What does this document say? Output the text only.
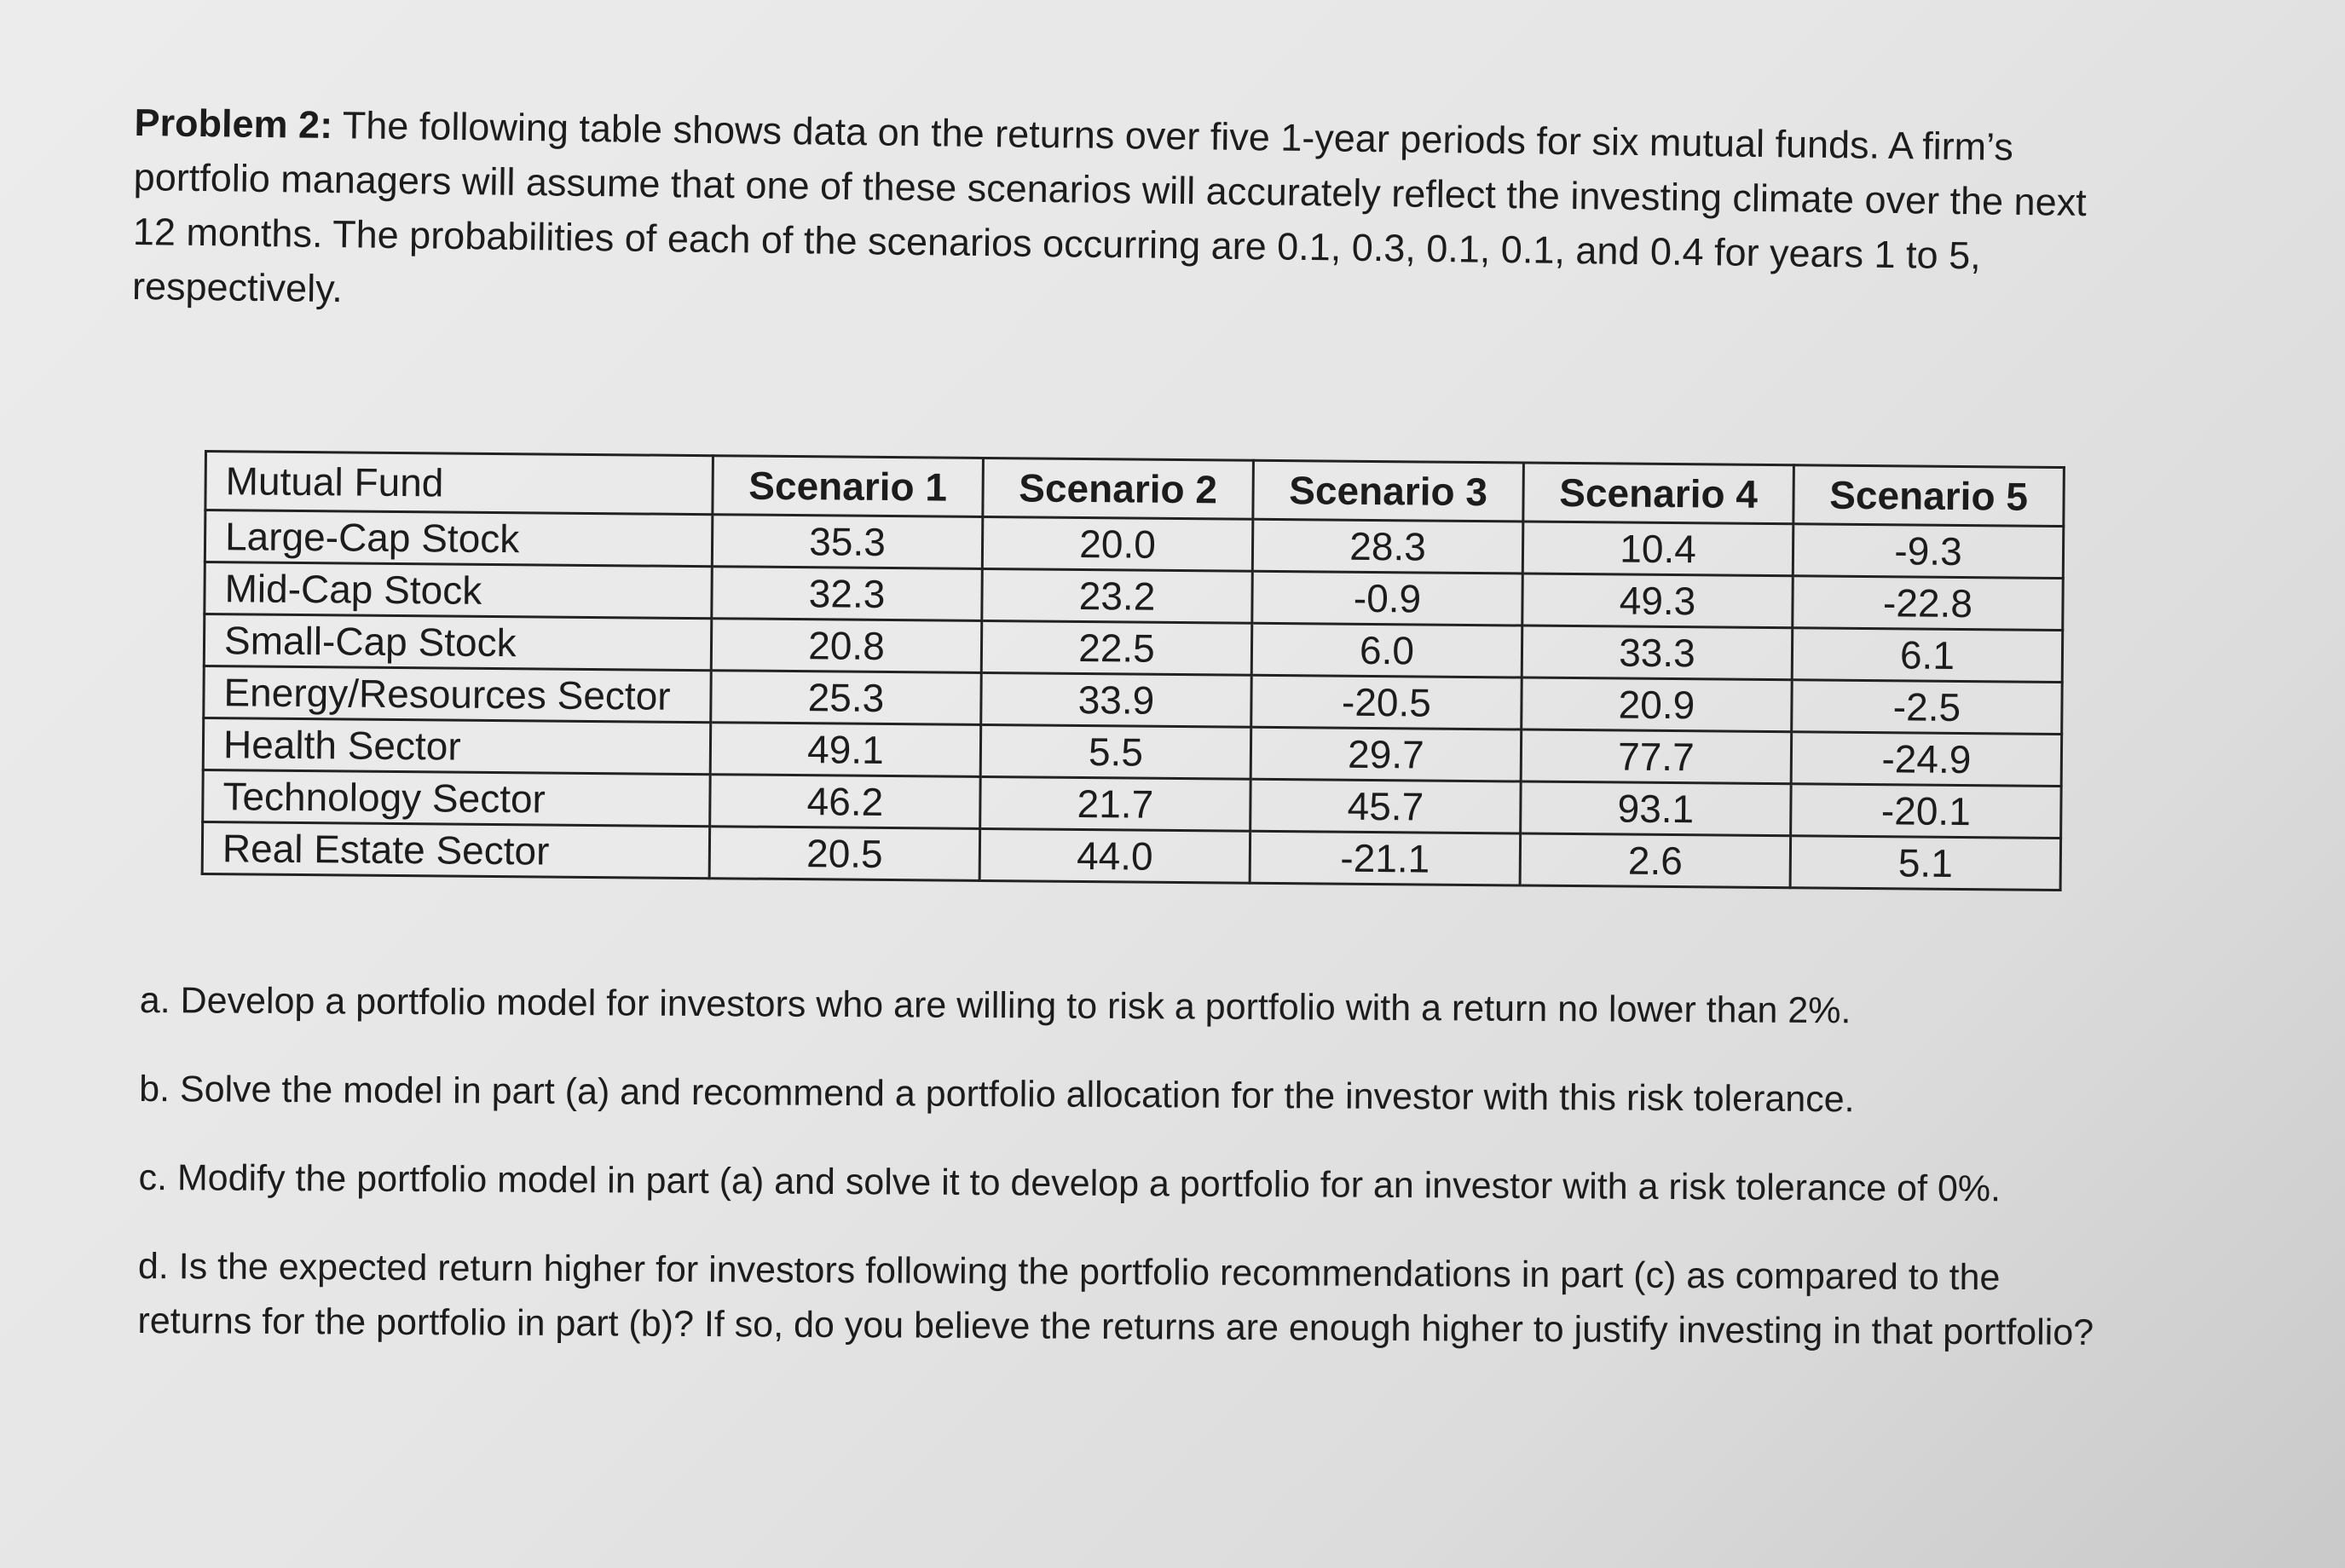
Problem 2: The following table shows data on the returns over five 1-year periods for six mutual funds. A firm’s portfolio managers will assume that one of these scenarios will accurately reflect the investing climate over the next 12 months. The probabilities of each of the scenarios occurring are 0.1, 0.3, 0.1, 0.1, and 0.4 for years 1 to 5, respectively.
Mutual Fund	Scenario 1	Scenario 2	Scenario 3	Scenario 4	Scenario 5
Large-Cap Stock	35.3	20.0	28.3	10.4	-9.3
Mid-Cap Stock	32.3	23.2	-0.9	49.3	-22.8
Small-Cap Stock	20.8	22.5	6.0	33.3	6.1
Energy/Resources Sector	25.3	33.9	-20.5	20.9	-2.5
Health Sector	49.1	5.5	29.7	77.7	-24.9
Technology Sector	46.2	21.7	45.7	93.1	-20.1
Real Estate Sector	20.5	44.0	-21.1	2.6	5.1

a. Develop a portfolio model for investors who are willing to risk a portfolio with a return no lower than 2%.

b. Solve the model in part (a) and recommend a portfolio allocation for the investor with this risk tolerance.

c. Modify the portfolio model in part (a) and solve it to develop a portfolio for an investor with a risk tolerance of 0%.

d. Is the expected return higher for investors following the portfolio recommendations in part (c) as compared to the returns for the portfolio in part (b)? If so, do you believe the returns are enough higher to justify investing in that portfolio?
